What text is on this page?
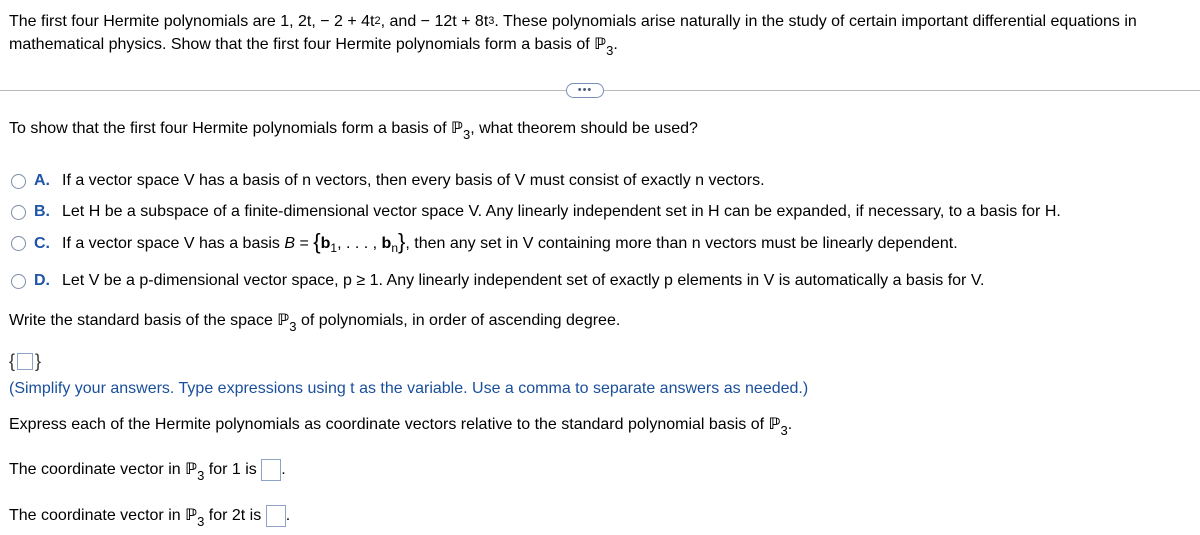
The first four Hermite polynomials are 1, 2t, − $2 + 4t^2$, and − $12t + 8t^3$. These polynomials arise naturally in the study of certain important differential equations in
mathematical physics. Show that the first four Hermite polynomials form a basis of ℙ$_3$.
•••
To show that the first four Hermite polynomials form a basis of ℙ$_3$, what theorem should be used?
A. If a vector space V has a basis of n vectors, then every basis of V must consist of exactly n vectors.
B. Let H be a subspace of a finite-dimensional vector space V. Any linearly independent set in H can be expanded, if necessary, to a basis for H.
C. If a vector space V has a basis $B = \{b_1$, . . . , $b_n$}, then any set in V containing more than n vectors must be linearly dependent.
D. Let V be a p-dimensional vector space, p ≥ 1. Any linearly independent set of exactly p elements in V is automatically a basis for V.
Write the standard basis of the space ℙ$_3$ of polynomials, in order of ascending degree.
{ }
(Simplify your answers. Type expressions using t as the variable. Use a comma to separate answers as needed.)
Express each of the Hermite polynomials as coordinate vectors relative to the standard polynomial basis of ℙ$_3$.
The coordinate vector in ℙ$_3$ for 1 is .
The coordinate vector in ℙ$_3$ for 2t is .
